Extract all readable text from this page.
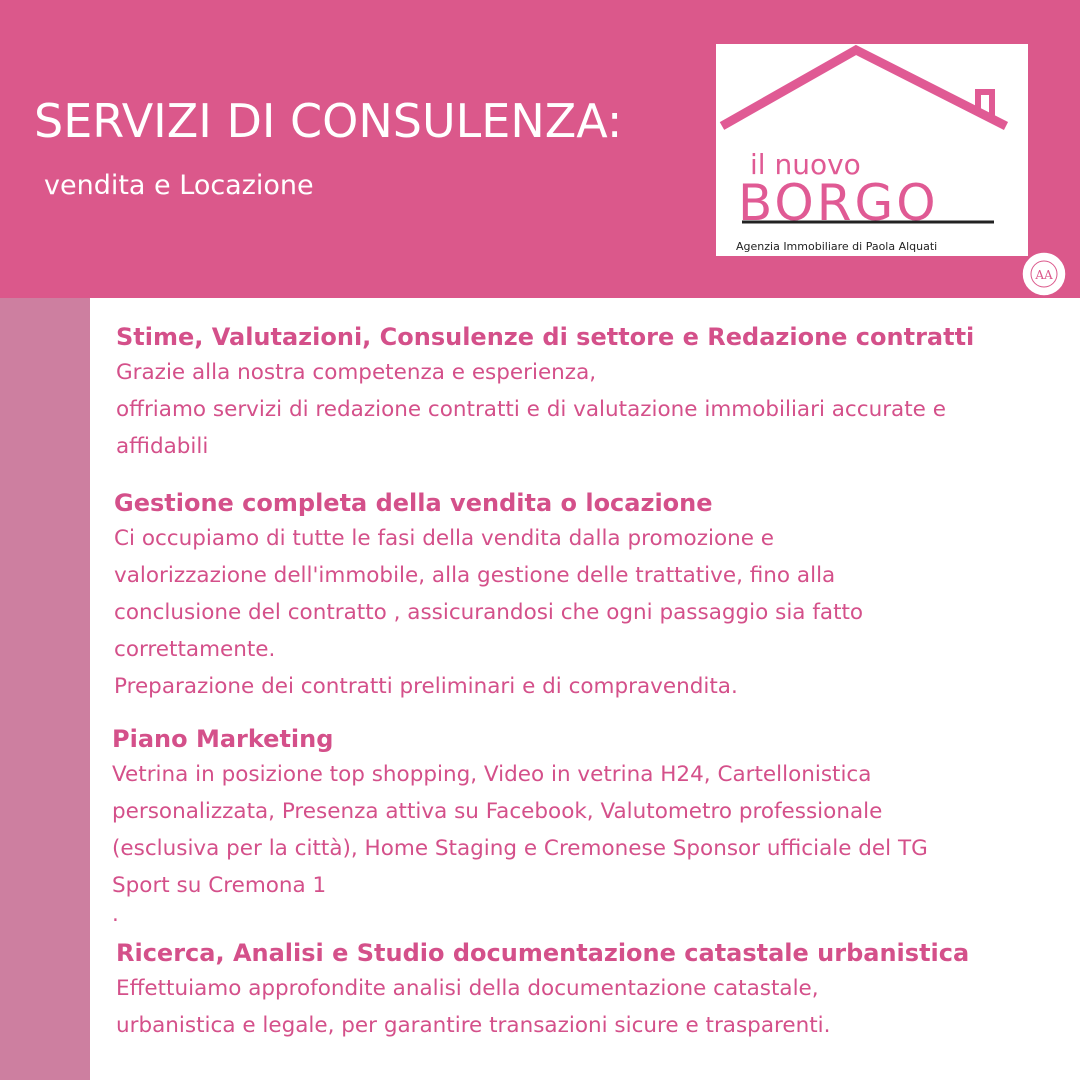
SERVIZI DI CONSULENZA:
vendita e Locazione
il nuovo
BORGO
Agenzia Immobiliare di Paola Alquati
AA
Stime, Valutazioni, Consulenze di settore e Redazione contratti
Grazie alla nostra competenza e esperienza,
offriamo servizi di redazione contratti e di valutazione immobiliari accurate e
affidabili
Gestione completa della vendita o locazione
Ci occupiamo di tutte le fasi della vendita dalla promozione e
valorizzazione dell'immobile, alla gestione delle trattative, fino alla
conclusione del contratto , assicurandosi che ogni passaggio sia fatto
correttamente.
Preparazione dei contratti preliminari e di compravendita.
Piano Marketing
Vetrina in posizione top shopping, Video in vetrina H24, Cartellonistica
personalizzata, Presenza attiva su Facebook, Valutometro professionale
(esclusiva per la città), Home Staging e Cremonese Sponsor ufficiale del TG
Sport su Cremona 1
.
Ricerca, Analisi e Studio documentazione catastale urbanistica
Effettuiamo approfondite analisi della documentazione catastale,
urbanistica e legale, per garantire transazioni sicure e trasparenti.
